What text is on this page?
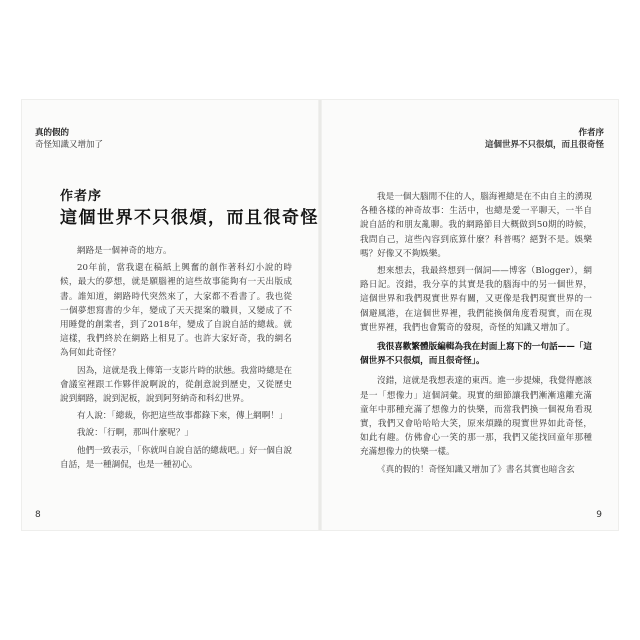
真的假的
奇怪知識又增加了
作者序
這個世界不只很煩，而且很奇怪

網路是一個神奇的地方。

20年前，當我還在稿紙上興奮的創作著科幻小說的時候，最大的夢想，就是願腦裡的這些故事能夠有一天出版成書。誰知道，網路時代突然來了，大家都不看書了。我也從一個夢想寫書的少年，變成了天天提案的職員，又變成了不用睡覺的創業者，到了2018年，變成了自說自話的總裁。就這樣，我們終於在網路上相見了。也許大家好奇，我的網名為何如此奇怪？

因為，這就是我上傳第一支影片時的狀態。我當時總是在會議室裡跟工作夥伴說啊說的，從創意說到歷史，又從歷史說到網路，說到泥板，說到阿努納奇和科幻世界。

有人說：「總裁，你把這些故事都錄下來，傳上網啊！」

我說：「行啊，那叫什麼呢？」

他們一致表示，「你就叫自說自話的總裁吧。」好一個自說自話，是一種調侃，也是一種初心。

8
作者序
這個世界不只很煩，而且很奇怪

我是一個大腦閒不住的人，腦海裡總是在不由自主的湧現各種各樣的神奇故事：生活中，也總是愛一平聊天，一半自說自話的和朋友亂聊。我的網路節目大概做到50期的時候，我問自己，這些內容到底算什麼？科普嗎？絕對不是。娛樂嗎？好像又不夠娛樂。

想來想去，我最終想到一個詞——博客（Blogger），網路日記。沒錯，我分享的其實是我的腦海中的另一個世界，這個世界和我們現實世界有關，又更像是我們現實世界的一個避風港，在這個世界裡，我們能換個角度看現實，而在現實世界裡，我們也會驚奇的發現，奇怪的知識又增加了。

我很喜歡繁體版編輯為我在封面上寫下的一句話——「這個世界不只很煩，而且很奇怪」。

沒錯，這就是我想表達的東西。進一步提煉，我覺得應該是一「想像力」這個詞彙。現實的細節讓我們漸漸遠離充滿童年中那種充滿了想像力的快樂，而當我們換一個視角看現實，我們又會哈哈哈大笑，原來煩躁的現實世界如此奇怪，如此有趣。仿佛會心一笑的那一那，我們又能找回童年那種充滿想像力的快樂一樣。

《真的假的！奇怪知識又增加了》書名其實也暗含玄

9
